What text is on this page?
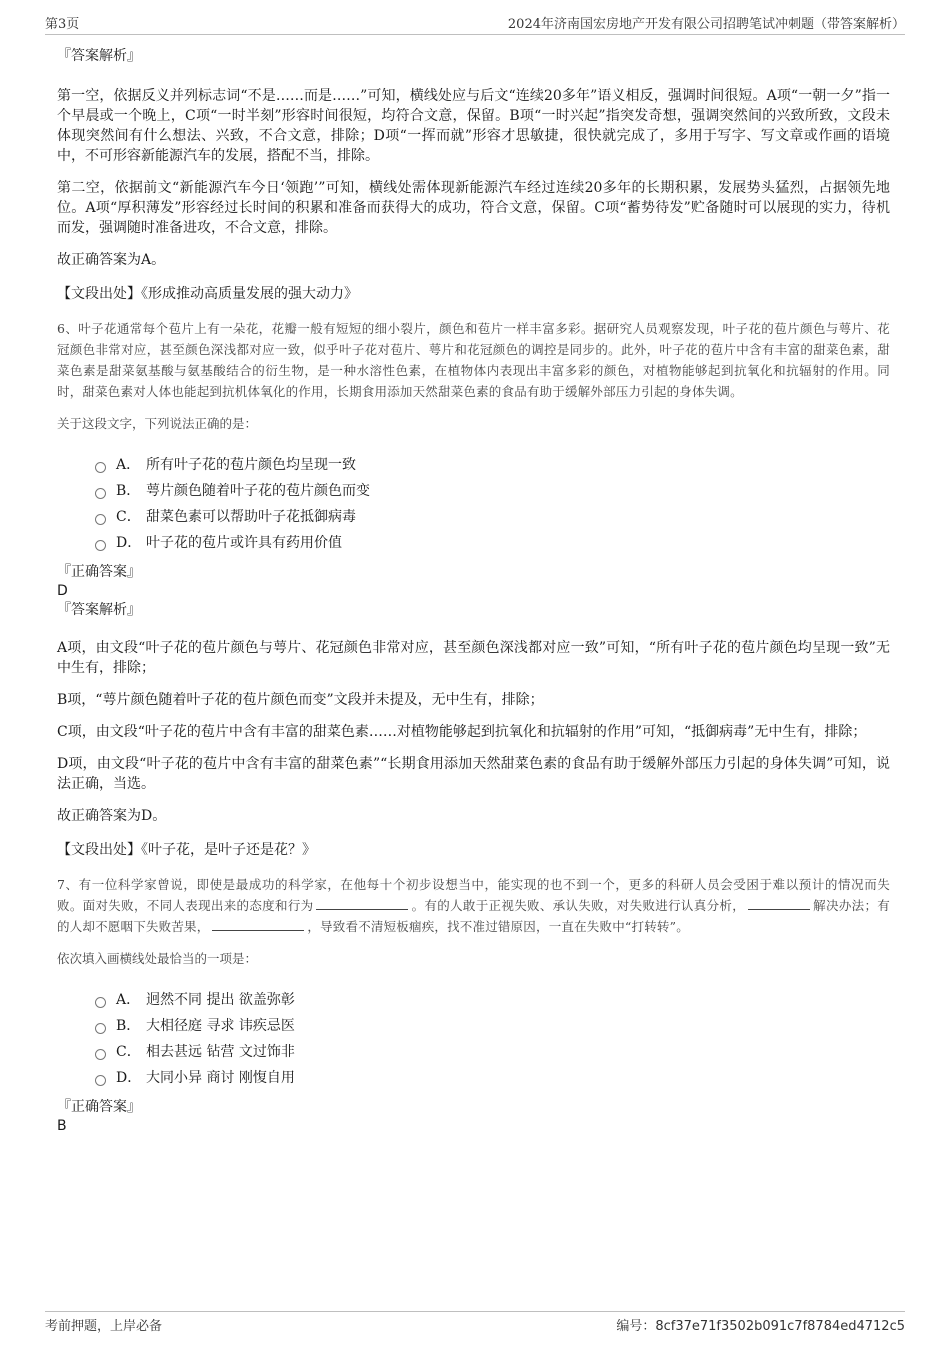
第3页	2024年济南国宏房地产开发有限公司招聘笔试冲刺题（带答案解析）

『答案解析』

第一空，依据反义并列标志词“不是……而是……”可知，横线处应与后文“连续20多年”语义相反，强调时间很短。A项“一朝一夕”指一个早晨或一个晚上，C项“一时半刻”形容时间很短，均符合文意，保留。B项“一时兴起”指突发奇想，强调突然间的兴致所致，文段未体现突然间有什么想法、兴致，不合文意，排除；D项“一挥而就”形容才思敏捷，很快就完成了，多用于写字、写文章或作画的语境中，不可形容新能源汽车的发展，搭配不当，排除。

第二空，依据前文“新能源汽车今日‘领跑’”可知，横线处需体现新能源汽车经过连续20多年的长期积累，发展势头猛烈，占据领先地位。A项“厚积薄发”形容经过长时间的积累和准备而获得大的成功，符合文意，保留。C项“蓄势待发”贮备随时可以展现的实力，待机而发，强调随时准备进攻，不合文意，排除。

故正确答案为A。

【文段出处】《形成推动高质量发展的强大动力》

6、叶子花通常每个苞片上有一朵花，花瓣一般有短短的细小裂片，颜色和苞片一样丰富多彩。据研究人员观察发现，叶子花的苞片颜色与萼片、花冠颜色非常对应，甚至颜色深浅都对应一致，似乎叶子花对苞片、萼片和花冠颜色的调控是同步的。此外，叶子花的苞片中含有丰富的甜菜色素，甜菜色素是甜菜氨基酸与氨基酸结合的衍生物，是一种水溶性色素，在植物体内表现出丰富多彩的颜色，对植物能够起到抗氧化和抗辐射的作用。同时，甜菜色素对人体也能起到抗机体氧化的作用，长期食用添加天然甜菜色素的食品有助于缓解外部压力引起的身体失调。

关于这段文字，下列说法正确的是：

A． 所有叶子花的苞片颜色均呈现一致
B． 萼片颜色随着叶子花的苞片颜色而变
C． 甜菜色素可以帮助叶子花抵御病毒
D． 叶子花的苞片或许具有药用价值

『正确答案』

D

『答案解析』

A项，由文段“叶子花的苞片颜色与萼片、花冠颜色非常对应，甚至颜色深浅都对应一致”可知，“所有叶子花的苞片颜色均呈现一致”无中生有，排除；

B项，“萼片颜色随着叶子花的苞片颜色而变”文段并未提及，无中生有，排除；

C项，由文段“叶子花的苞片中含有丰富的甜菜色素……对植物能够起到抗氧化和抗辐射的作用”可知，“抵御病毒”无中生有，排除；

D项，由文段“叶子花的苞片中含有丰富的甜菜色素”“长期食用添加天然甜菜色素的食品有助于缓解外部压力引起的身体失调”可知，说法正确，当选。

故正确答案为D。

【文段出处】《叶子花，是叶子还是花？》

7、有一位科学家曾说，即使是最成功的科学家，在他每十个初步设想当中，能实现的也不到一个，更多的科研人员会受困于难以预计的情况而失败。面对失败，不同人表现出来的态度和行为	。有的人敢于正视失败、承认失败，对失败进行认真分析，	解决办法；有的人却不愿咽下失败苦果，	，导致看不清短板痼疾，找不准过错原因，一直在失败中“打转转”。

依次填入画横线处最恰当的一项是：

A． 迥然不同 提出 欲盖弥彰
B． 大相径庭 寻求 讳疾忌医
C． 相去甚远 钻营 文过饰非
D． 大同小异 商讨 刚愎自用

『正确答案』

B

考前押题，上岸必备	编号：8cf37e71f3502b091c7f8784ed4712c5
